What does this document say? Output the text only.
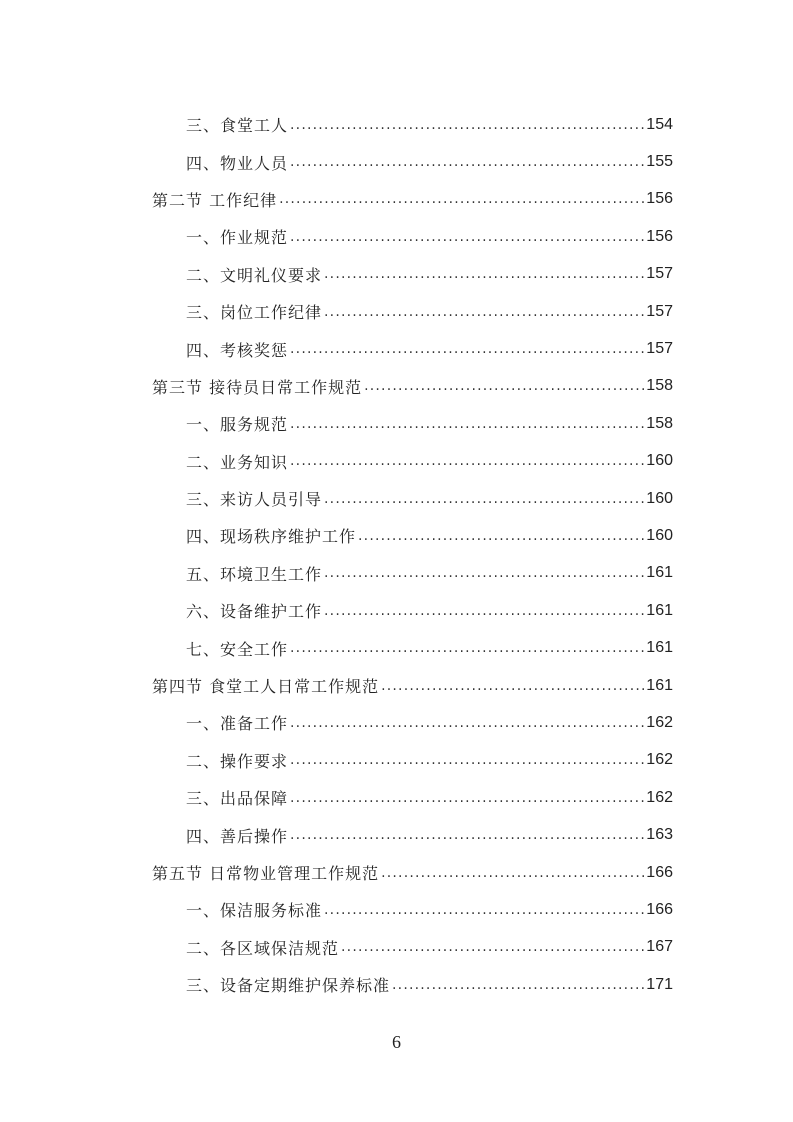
三、食堂工人 .....	154
四、物业人员 .....	155
第二节 工作纪律 .....	156
一、作业规范 .....	156
二、文明礼仪要求 .....	157
三、岗位工作纪律 .....	157
四、考核奖惩 .....	157
第三节 接待员日常工作规范 .....	158
一、服务规范 .....	158
二、业务知识 .....	160
三、来访人员引导 .....	160
四、现场秩序维护工作 .....	160
五、环境卫生工作 .....	161
六、设备维护工作 .....	161
七、安全工作 .....	161
第四节 食堂工人日常工作规范 .....	161
一、准备工作 .....	162
二、操作要求 .....	162
三、出品保障 .....	162
四、善后操作 .....	163
第五节 日常物业管理工作规范 .....	166
一、保洁服务标准 .....	166
二、各区域保洁规范 .....	167
三、设备定期维护保养标准 .....	171
6
